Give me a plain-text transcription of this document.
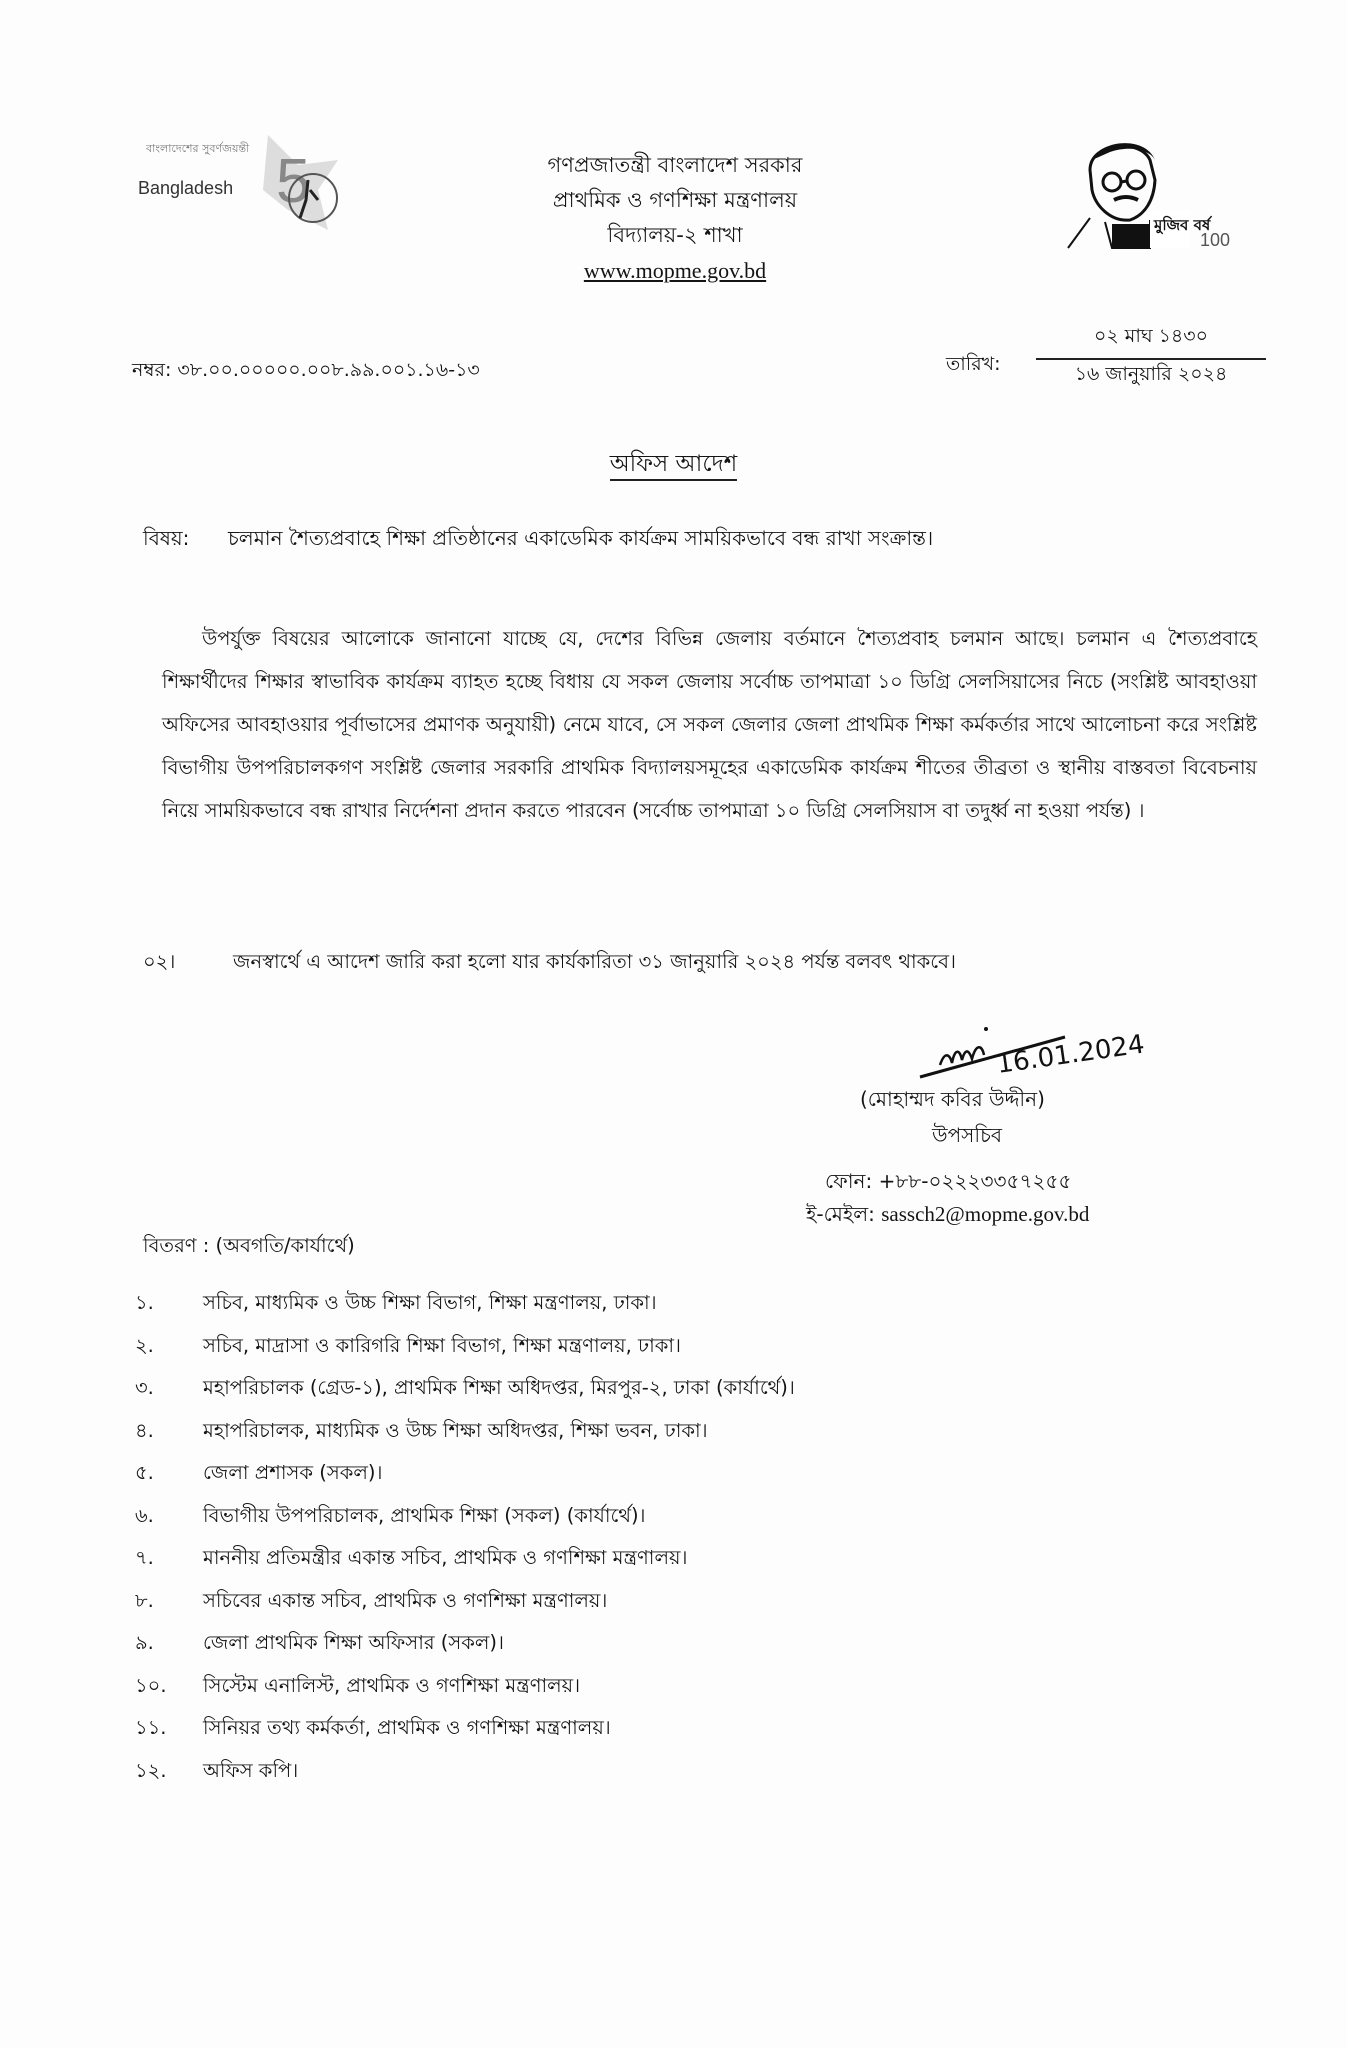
বাংলাদেশের সুবর্ণজয়ন্তী
Bangladesh 5
মুজিব বর্ষ
100
গণপ্রজাতন্ত্রী বাংলাদেশ সরকার
প্রাথমিক ও গণশিক্ষা মন্ত্রণালয়
বিদ্যালয়-২ শাখা
www.mopme.gov.bd
নম্বর: ৩৮.০০.০০০০০.০০৮.৯৯.০০১.১৬-১৩	তারিখ:
০২ মাঘ ১৪৩০
১৬ জানুয়ারি ২০২৪
অফিস আদেশ
বিষয়: চলমান শৈত্যপ্রবাহে শিক্ষা প্রতিষ্ঠানের একাডেমিক কার্যক্রম সাময়িকভাবে বন্ধ রাখা সংক্রান্ত।
উপর্যুক্ত বিষয়ের আলোকে জানানো যাচ্ছে যে, দেশের বিভিন্ন জেলায় বর্তমানে শৈত্যপ্রবাহ চলমান আছে। চলমান এ শৈত্যপ্রবাহে শিক্ষার্থীদের শিক্ষার স্বাভাবিক কার্যক্রম ব্যাহত হচ্ছে বিধায় যে সকল জেলায় সর্বোচ্চ তাপমাত্রা ১০ ডিগ্রি সেলসিয়াসের নিচে (সংশ্লিষ্ট আবহাওয়া অফিসের আবহাওয়ার পূর্বাভাসের প্রমাণক অনুযায়ী) নেমে যাবে, সে সকল জেলার জেলা প্রাথমিক শিক্ষা কর্মকর্তার সাথে আলোচনা করে সংশ্লিষ্ট বিভাগীয় উপপরিচালকগণ সংশ্লিষ্ট জেলার সরকারি প্রাথমিক বিদ্যালয়সমূহের একাডেমিক কার্যক্রম শীতের তীব্রতা ও স্থানীয় বাস্তবতা বিবেচনায় নিয়ে সাময়িকভাবে বন্ধ রাখার নির্দেশনা প্রদান করতে পারবেন (সর্বোচ্চ তাপমাত্রা ১০ ডিগ্রি সেলসিয়াস বা তদুর্ধ্ব না হওয়া পর্যন্ত) ।
০২।	জনস্বার্থে এ আদেশ জারি করা হলো যার কার্যকারিতা ৩১ জানুয়ারি ২০২৪ পর্যন্ত বলবৎ থাকবে।
16.01.2024
(মোহাম্মদ কবির উদ্দীন)
উপসচিব
ফোন: +৮৮-০২২২৩৩৫৭২৫৫
ই-মেইল: sassch2@mopme.gov.bd
বিতরণ : (অবগতি/কার্যার্থে)
১.	সচিব, মাধ্যমিক ও উচ্চ শিক্ষা বিভাগ, শিক্ষা মন্ত্রণালয়, ঢাকা।
২.	সচিব, মাদ্রাসা ও কারিগরি শিক্ষা বিভাগ, শিক্ষা মন্ত্রণালয়, ঢাকা।
৩.	মহাপরিচালক (গ্রেড-১), প্রাথমিক শিক্ষা অধিদপ্তর, মিরপুর-২, ঢাকা (কার্যার্থে)।
৪.	মহাপরিচালক, মাধ্যমিক ও উচ্চ শিক্ষা অধিদপ্তর, শিক্ষা ভবন, ঢাকা।
৫.	জেলা প্রশাসক (সকল)।
৬.	বিভাগীয় উপপরিচালক, প্রাথমিক শিক্ষা (সকল) (কার্যার্থে)।
৭.	মাননীয় প্রতিমন্ত্রীর একান্ত সচিব, প্রাথমিক ও গণশিক্ষা মন্ত্রণালয়।
৮.	সচিবের একান্ত সচিব, প্রাথমিক ও গণশিক্ষা মন্ত্রণালয়।
৯.	জেলা প্রাথমিক শিক্ষা অফিসার (সকল)।
১০.	সিস্টেম এনালিস্ট, প্রাথমিক ও গণশিক্ষা মন্ত্রণালয়।
১১.	সিনিয়র তথ্য কর্মকর্তা, প্রাথমিক ও গণশিক্ষা মন্ত্রণালয়।
১২.	অফিস কপি।
